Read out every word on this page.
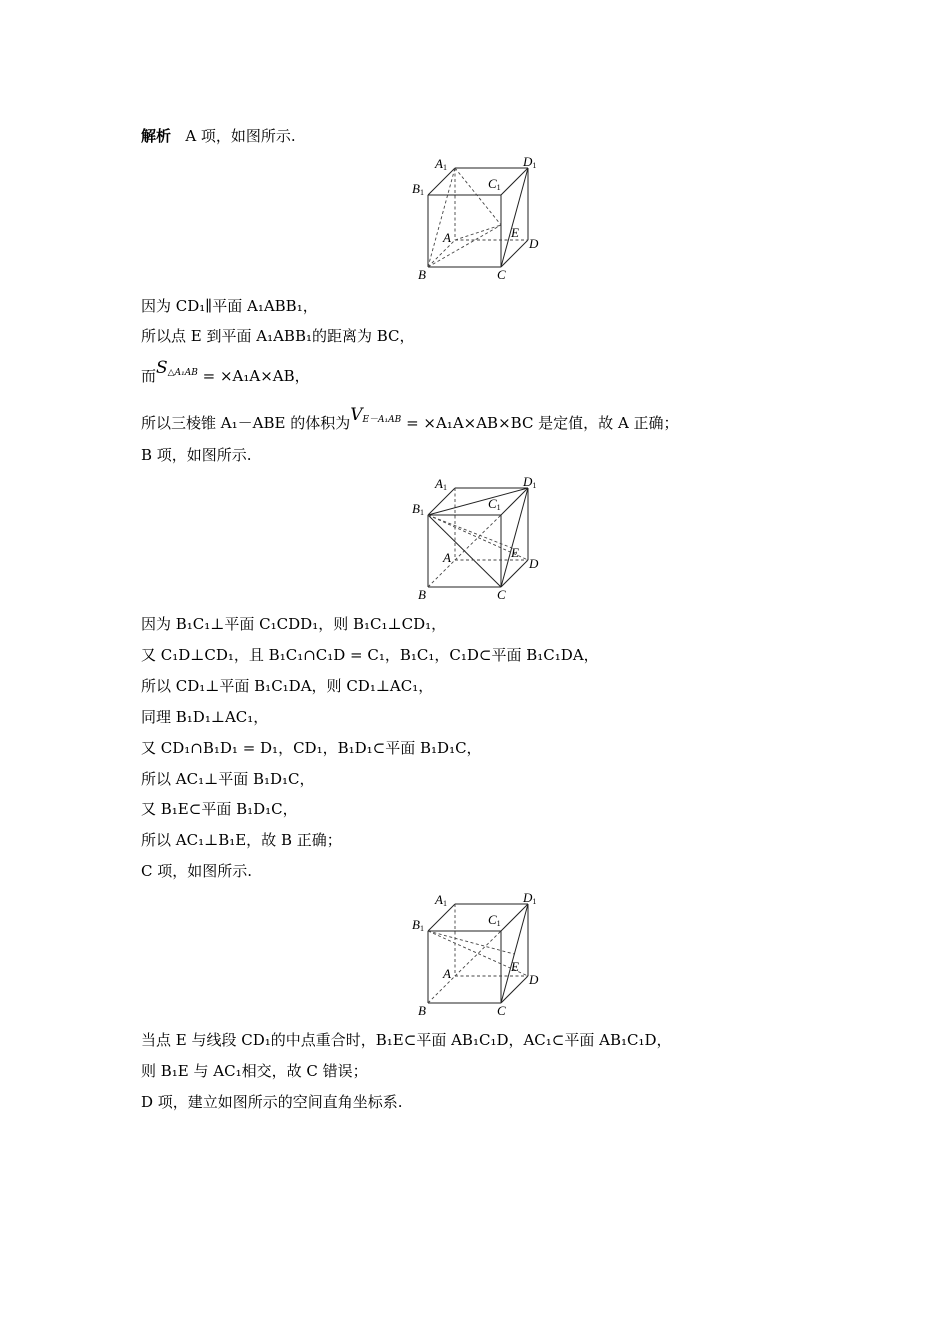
解析 A 项，如图所示.
A1	D1
B1
C1
A	E
D
B	C
因为 CD₁∥平面 A₁ABB₁，
所以点 E 到平面 A₁ABB₁的距离为 BC，
而$S^{\triangle A_1AB} = \times A_1A\times AB$，
所以三棱锥 A₁－ABE 的体积为$V^{E-A_1AB} = \times A_1A\times AB\times BC$ 是定值，故 A 正确；
B 项，如图所示.
A1	D1
B1
C1
A	E
D
B	C
因为 B₁C₁⊥平面 C₁CDD₁，则 B₁C₁⊥CD₁，
又 C₁D⊥CD₁，且 B₁C₁∩C₁D = C₁，B₁C₁，C₁D⊂平面 B₁C₁DA，
所以 CD₁⊥平面 B₁C₁DA，则 CD₁⊥AC₁，
同理 B₁D₁⊥AC₁，
又 CD₁∩B₁D₁ = D₁，CD₁，B₁D₁⊂平面 B₁D₁C，
所以 AC₁⊥平面 B₁D₁C，
又 B₁E⊂平面 B₁D₁C，
所以 AC₁⊥B₁E，故 B 正确；
C 项，如图所示.
A1	D1
B1
C1
A	E
D
B	C
当点 E 与线段 CD₁的中点重合时，B₁E⊂平面 AB₁C₁D，AC₁⊂平面 AB₁C₁D，
则 B₁E 与 AC₁相交，故 C 错误；
D 项，建立如图所示的空间直角坐标系.
